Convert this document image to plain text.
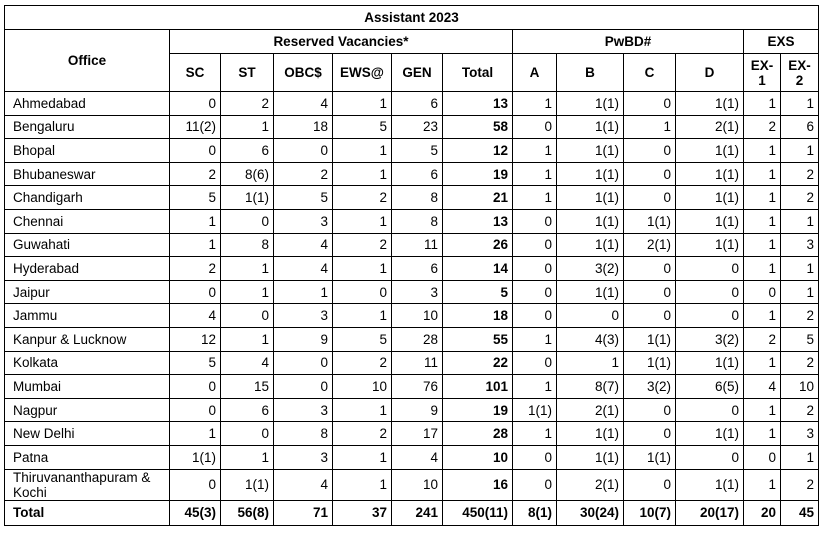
Assistant 2023												
Office	Reserved Vacancies*						PwBD#				EXS	
	SC	ST	OBC$	EWS@	GEN	Total	A	B	C	D	EX-1	EX-2
Ahmedabad	0	2	4	1	6	13	1	1(1)	0	1(1)	1	1
Bengaluru	11(2)	1	18	5	23	58	0	1(1)	1	2(1)	2	6
Bhopal	0	6	0	1	5	12	1	1(1)	0	1(1)	1	1
Bhubaneswar	2	8(6)	2	1	6	19	1	1(1)	0	1(1)	1	2
Chandigarh	5	1(1)	5	2	8	21	1	1(1)	0	1(1)	1	2
Chennai	1	0	3	1	8	13	0	1(1)	1(1)	1(1)	1	1
Guwahati	1	8	4	2	11	26	0	1(1)	2(1)	1(1)	1	3
Hyderabad	2	1	4	1	6	14	0	3(2)	0	0	1	1
Jaipur	0	1	1	0	3	5	0	1(1)	0	0	0	1
Jammu	4	0	3	1	10	18	0	0	0	0	1	2
Kanpur & Lucknow	12	1	9	5	28	55	1	4(3)	1(1)	3(2)	2	5
Kolkata	5	4	0	2	11	22	0	1	1(1)	1(1)	1	2
Mumbai	0	15	0	10	76	101	1	8(7)	3(2)	6(5)	4	10
Nagpur	0	6	3	1	9	19	1(1)	2(1)	0	0	1	2
New Delhi	1	0	8	2	17	28	1	1(1)	0	1(1)	1	3
Patna	1(1)	1	3	1	4	10	0	1(1)	1(1)	0	0	1
Thiruvananthapuram & Kochi	0	1(1)	4	1	10	16	0	2(1)	0	1(1)	1	2
Total	45(3)	56(8)	71	37	241	450(11)	8(1)	30(24)	10(7)	20(17)	20	45
